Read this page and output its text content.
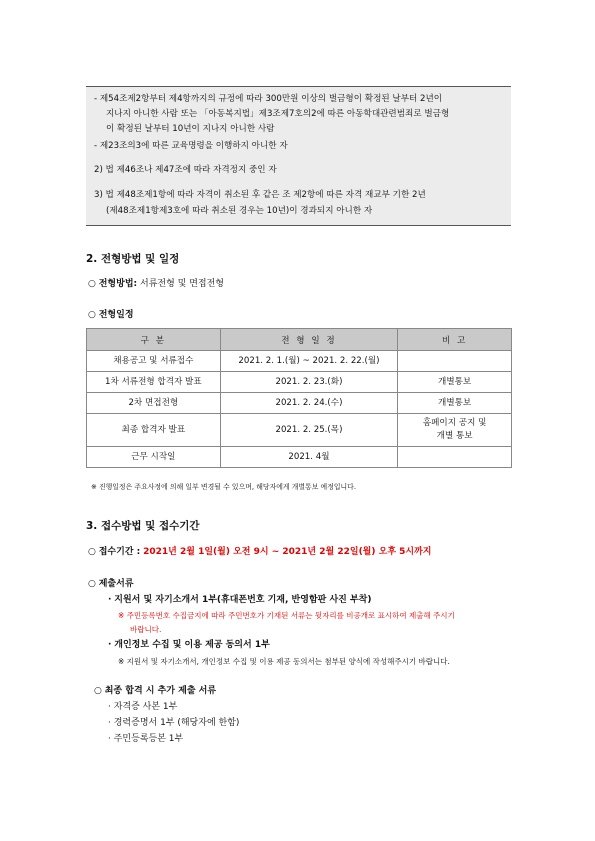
- 제54조제2항부터 제4항까지의 규정에 따라 300만원 이상의 벌금형이 확정된 날부터 2년이
지나지 아니한 사람 또는 「아동복지법」제3조제7호의2에 따른 아동학대관련범죄로 벌금형
이 확정된 날부터 10년이 지나지 아니한 사람
- 제23조의3에 따른 교육명령을 이행하지 아니한 자
2) 법 제46조나 제47조에 따라 자격정지 중인 자
3) 법 제48조제1항에 따라 자격이 취소된 후 같은 조 제2항에 따른 자격 재교부 기한 2년
(제48조제1항제3호에 따라 취소된 경우는 10년)이 경과되지 아니한 자
2. 전형방법 및 일정
○ 전형방법: 서류전형 및 면접전형
○ 전형일정
구 분	전 형 일 정	비 고
채용공고 및 서류접수	2021. 2. 1.(월) ~ 2021. 2. 22.(월)	
1차 서류전형 합격자 발표	2021. 2. 23.(화)	개별통보
2차 면접전형	2021. 2. 24.(수)	개별통보
최종 합격자 발표	2021. 2. 25.(목)	홈페이지 공지 및
개별 통보
근무 시작일	2021. 4월	
※ 진행일정은 주요사정에 의해 일부 변경될 수 있으며, 해당자에게 개별통보 예정입니다.
3. 접수방법 및 접수기간
○ 접수기간 : 2021년 2월 1일(월) 오전 9시 ~ 2021년 2월 22일(월) 오후 5시까지
○ 제출서류
· 지원서 및 자기소개서 1부(휴대폰번호 기재, 반영함판 사진 부착)
※ 주민등록번호 수집금지에 따라 주민번호가 기재된 서류는 뒷자리를 비공개로 표시하여 제출해 주시기
바랍니다.
· 개인정보 수집 및 이용 제공 동의서 1부
※ 지원서 및 자기소개서, 개인정보 수집 및 이용 제공 동의서는 첨부된 양식에 작성해주시기 바랍니다.
○ 최종 합격 시 추가 제출 서류
· 자격증 사본 1부
· 경력증명서 1부 (해당자에 한함)
· 주민등록등본 1부
